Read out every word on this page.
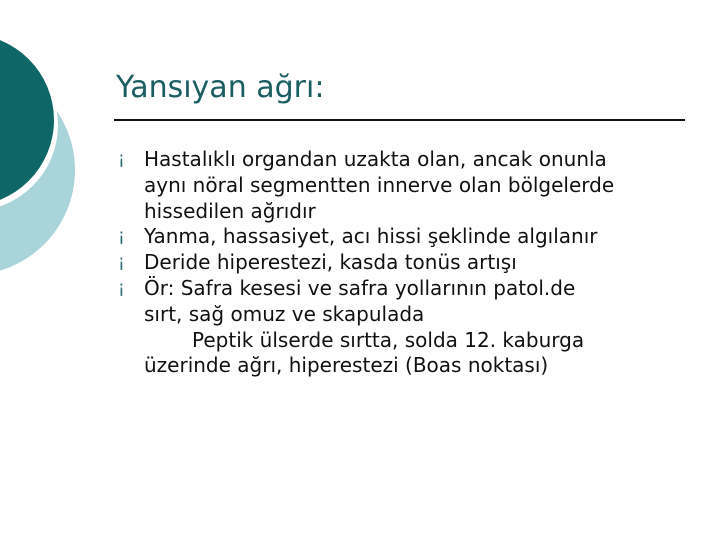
Yansıyan ağrı:
¡ Hastalıklı organdan uzakta olan, ancak onunla
aynı nöral segmentten innerve olan bölgelerde
hissedilen ağrıdır
¡ Yanma, hassasiyet, acı hissi şeklinde algılanır
¡ Deride hiperestezi, kasda tonüs artışı
¡ Ör: Safra kesesi ve safra yollarının patol.de
sırt, sağ omuz ve skapulada
Peptik ülserde sırtta, solda 12. kaburga
üzerinde ağrı, hiperestezi (Boas noktası)
